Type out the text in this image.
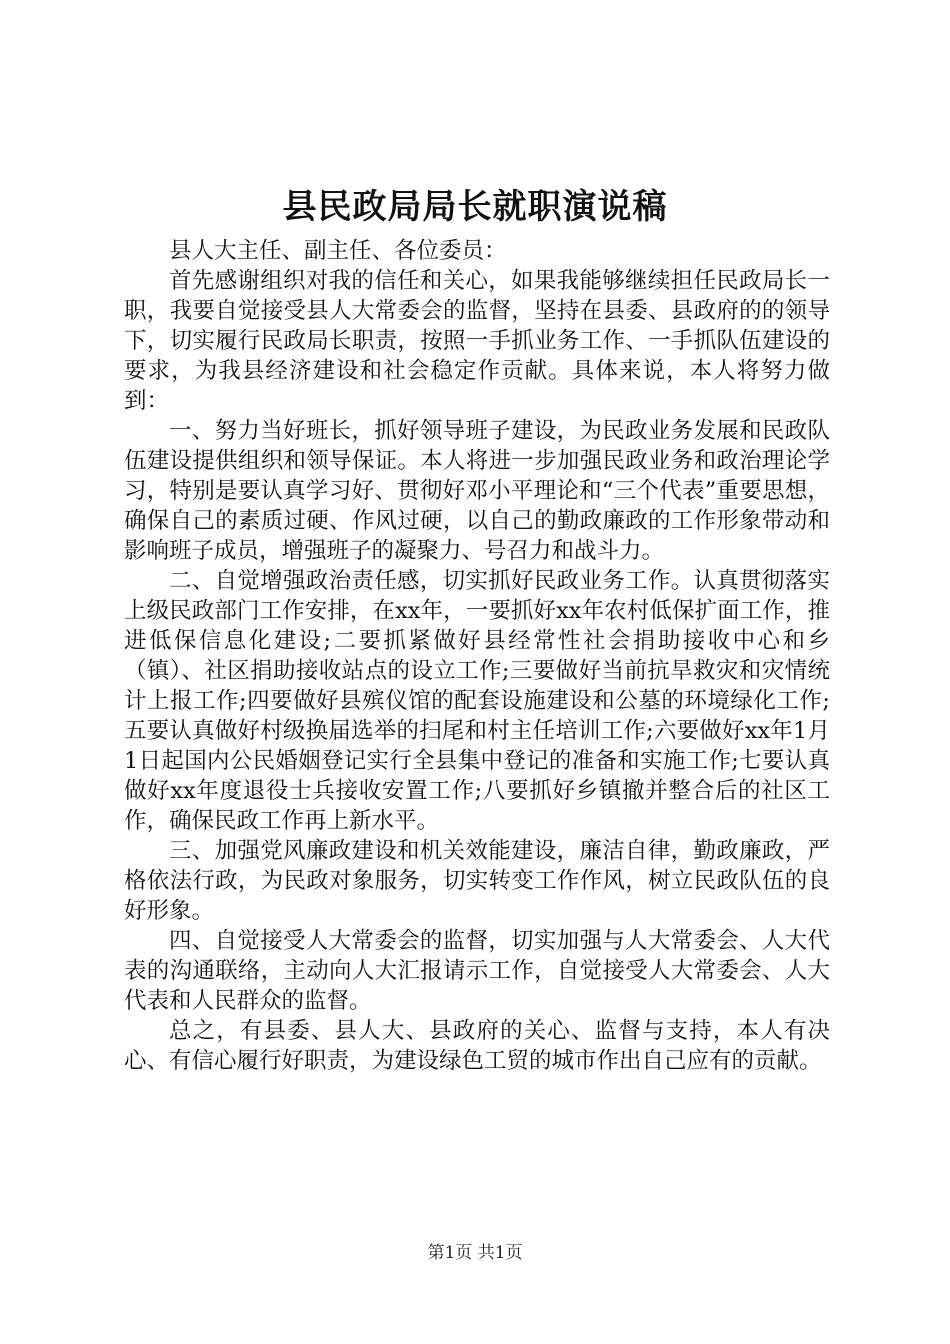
县民政局局长就职演说稿

县人大主任、副主任、各位委员：

首先感谢组织对我的信任和关心，如果我能够继续担任民政局长一职，我要自觉接受县人大常委会的监督，坚持在县委、县政府的的领导下，切实履行民政局长职责，按照一手抓业务工作、一手抓队伍建设的要求，为我县经济建设和社会稳定作贡献。具体来说，本人将努力做到：

一、努力当好班长，抓好领导班子建设，为民政业务发展和民政队伍建设提供组织和领导保证。本人将进一步加强民政业务和政治理论学习，特别是要认真学习好、贯彻好邓小平理论和“三个代表”重要思想，确保自己的素质过硬、作风过硬，以自己的勤政廉政的工作形象带动和影响班子成员，增强班子的凝聚力、号召力和战斗力。

二、自觉增强政治责任感，切实抓好民政业务工作。认真贯彻落实上级民政部门工作安排，在xx年，一要抓好xx年农村低保扩面工作，推进低保信息化建设;二要抓紧做好县经常性社会捐助接收中心和乡（镇）、社区捐助接收站点的设立工作;三要做好当前抗旱救灾和灾情统计上报工作;四要做好县殡仪馆的配套设施建设和公墓的环境绿化工作;五要认真做好村级换届选举的扫尾和村主任培训工作;六要做好xx年1月1日起国内公民婚姻登记实行全县集中登记的准备和实施工作;七要认真做好xx年度退役士兵接收安置工作;八要抓好乡镇撤并整合后的社区工作，确保民政工作再上新水平。

三、加强党风廉政建设和机关效能建设，廉洁自律，勤政廉政，严格依法行政，为民政对象服务，切实转变工作作风，树立民政队伍的良好形象。

四、自觉接受人大常委会的监督，切实加强与人大常委会、人大代表的沟通联络，主动向人大汇报请示工作，自觉接受人大常委会、人大代表和人民群众的监督。

总之，有县委、县人大、县政府的关心、监督与支持，本人有决心、有信心履行好职责，为建设绿色工贸的城市作出自己应有的贡献。

第1页 共1页
